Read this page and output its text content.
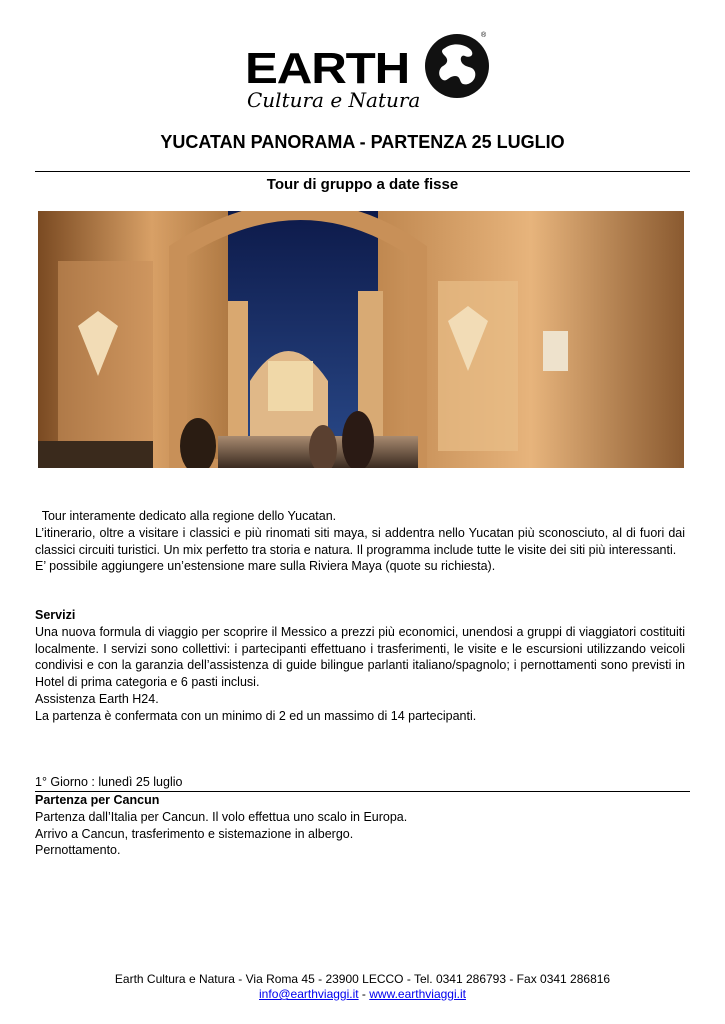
EARTH
®
Cultura e Natura
YUCATAN PANORAMA - PARTENZA 25 LUGLIO
Tour di gruppo a date fisse

Tour interamente dedicato alla regione dello Yucatan.

L’itinerario, oltre a visitare i classici e più rinomati siti maya, si addentra nello Yucatan più sconosciuto, al di fuori dai classici circuiti turistici. Un mix perfetto tra storia e natura. Il programma include tutte le visite dei siti più interessanti.

E’ possibile aggiungere un’estensione mare sulla Riviera Maya (quote su richiesta).

Servizi

Una nuova formula di viaggio per scoprire il Messico a prezzi più economici, unendosi a gruppi di viaggiatori costituiti localmente. I servizi sono collettivi: i partecipanti effettuano i trasferimenti, le visite e le escursioni utilizzando veicoli condivisi e con la garanzia dell’assistenza di guide bilingue parlanti italiano/spagnolo; i pernottamenti sono previsti in Hotel di prima categoria e 6 pasti inclusi.

Assistenza Earth H24.

La partenza è confermata con un minimo di 2 ed un massimo di 14 partecipanti.

1° Giorno : lunedì 25 luglio

Partenza per Cancun

Partenza dall’Italia per Cancun. Il volo effettua uno scalo in Europa.

Arrivo a Cancun, trasferimento e sistemazione in albergo.

Pernottamento.

Earth Cultura e Natura - Via Roma 45 - 23900 LECCO - Tel. 0341 286793 - Fax 0341 286816
info@earthviaggi.it - www.earthviaggi.it
